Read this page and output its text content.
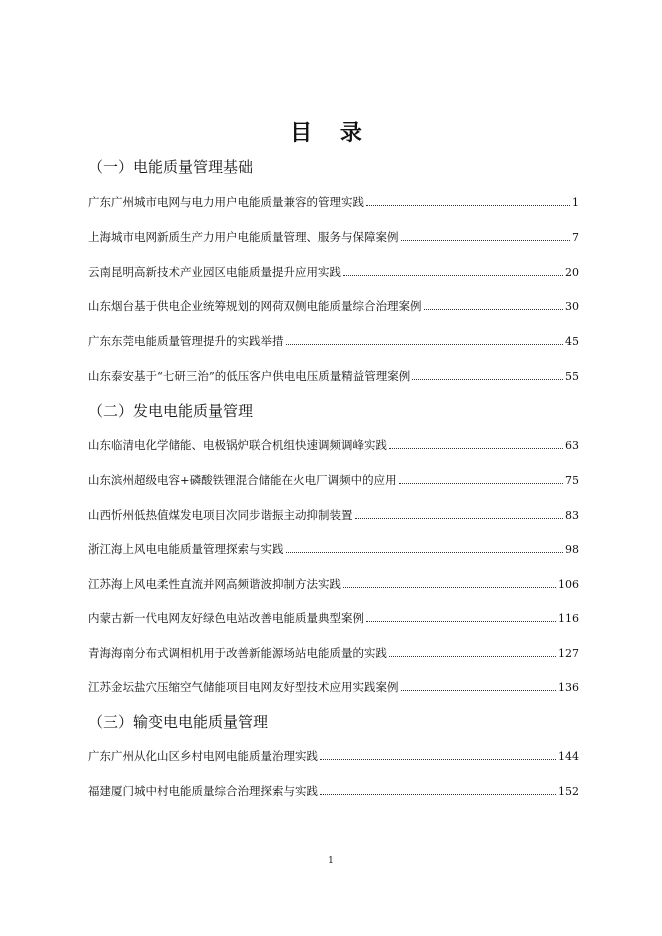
目 录
（一）电能质量管理基础
广东广州城市电网与电力用户电能质量兼容的管理实践	1
上海城市电网新质生产力用户电能质量管理、服务与保障案例	7
云南昆明高新技术产业园区电能质量提升应用实践	20
山东烟台基于供电企业统筹规划的网荷双侧电能质量综合治理案例	30
广东东莞电能质量管理提升的实践举措	45
山东泰安基于“七研三治”的低压客户供电电压质量精益管理案例	55
（二）发电电能质量管理
山东临清电化学储能、电极锅炉联合机组快速调频调峰实践	63
山东滨州超级电容+磷酸铁锂混合储能在火电厂调频中的应用	75
山西忻州低热值煤发电项目次同步谐振主动抑制装置	83
浙江海上风电电能质量管理探索与实践	98
江苏海上风电柔性直流并网高频谐波抑制方法实践	106
内蒙古新一代电网友好绿色电站改善电能质量典型案例	116
青海海南分布式调相机用于改善新能源场站电能质量的实践	127
江苏金坛盐穴压缩空气储能项目电网友好型技术应用实践案例	136
（三）输变电电能质量管理
广东广州从化山区乡村电网电能质量治理实践	144
福建厦门城中村电能质量综合治理探索与实践	152
1
